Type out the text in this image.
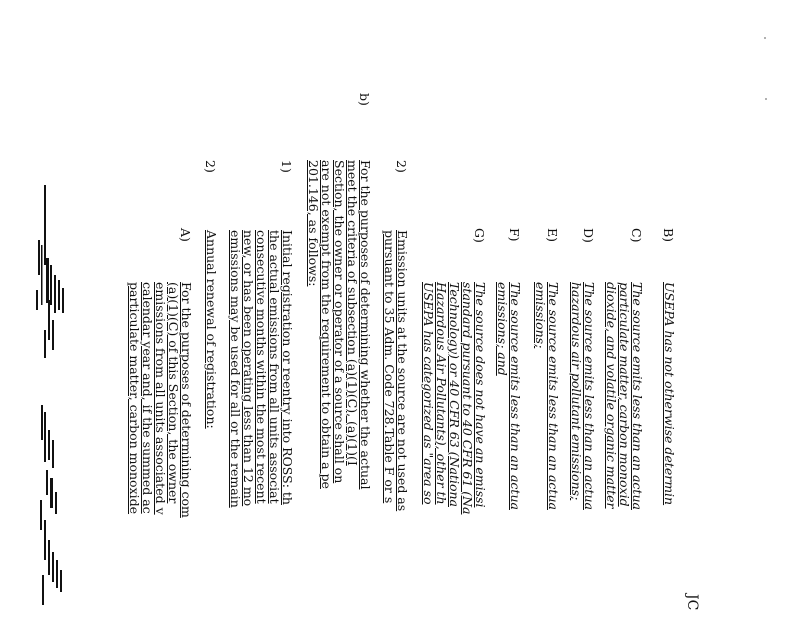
JC
B)
USEPA has not otherwise determin
C)
The source emits less than an actua
particulate matter, carbon monoxid
dioxide, and volatile organic matter
D)
The source emits less than an actua
hazardous air pollutant emissions;
E)
The source emits less than an actua
emissions;
F)
The source emits less than an actua
emissions; and
G)
The source does not have an emissi
standard pursuant to 40 CFR 61 (Na
Technology) or 40 CFR 63 (Nationa
Hazardous Air Pollutants), other th
USEPA has categorized as "area so
2)
Emission units at the source are not used as
pursuant to 35 Adm. Code 728.Table F or s
b)
For the purposes of determining whether the actual
meet the criteria of subsection (a)(1)(C), (a)(1)(I
Section, the owner or operator of a source shall on
are not exempt from the requirement to obtain a pe
201.146, as follows:
1)
Initial registration or reentry into ROSS: th
the actual emissions from all units associat
consecutive months within the most recent
new, or has been operating less than 12 mo
emissions may be used for all or the remain
2)
Annual renewal of registration:
A)
For the purposes of determining com
(a)(1)(C) of this Section, the owner
emissions from all units associated v
calendar year and, if the summed ac
particulate matter, carbon monoxide
